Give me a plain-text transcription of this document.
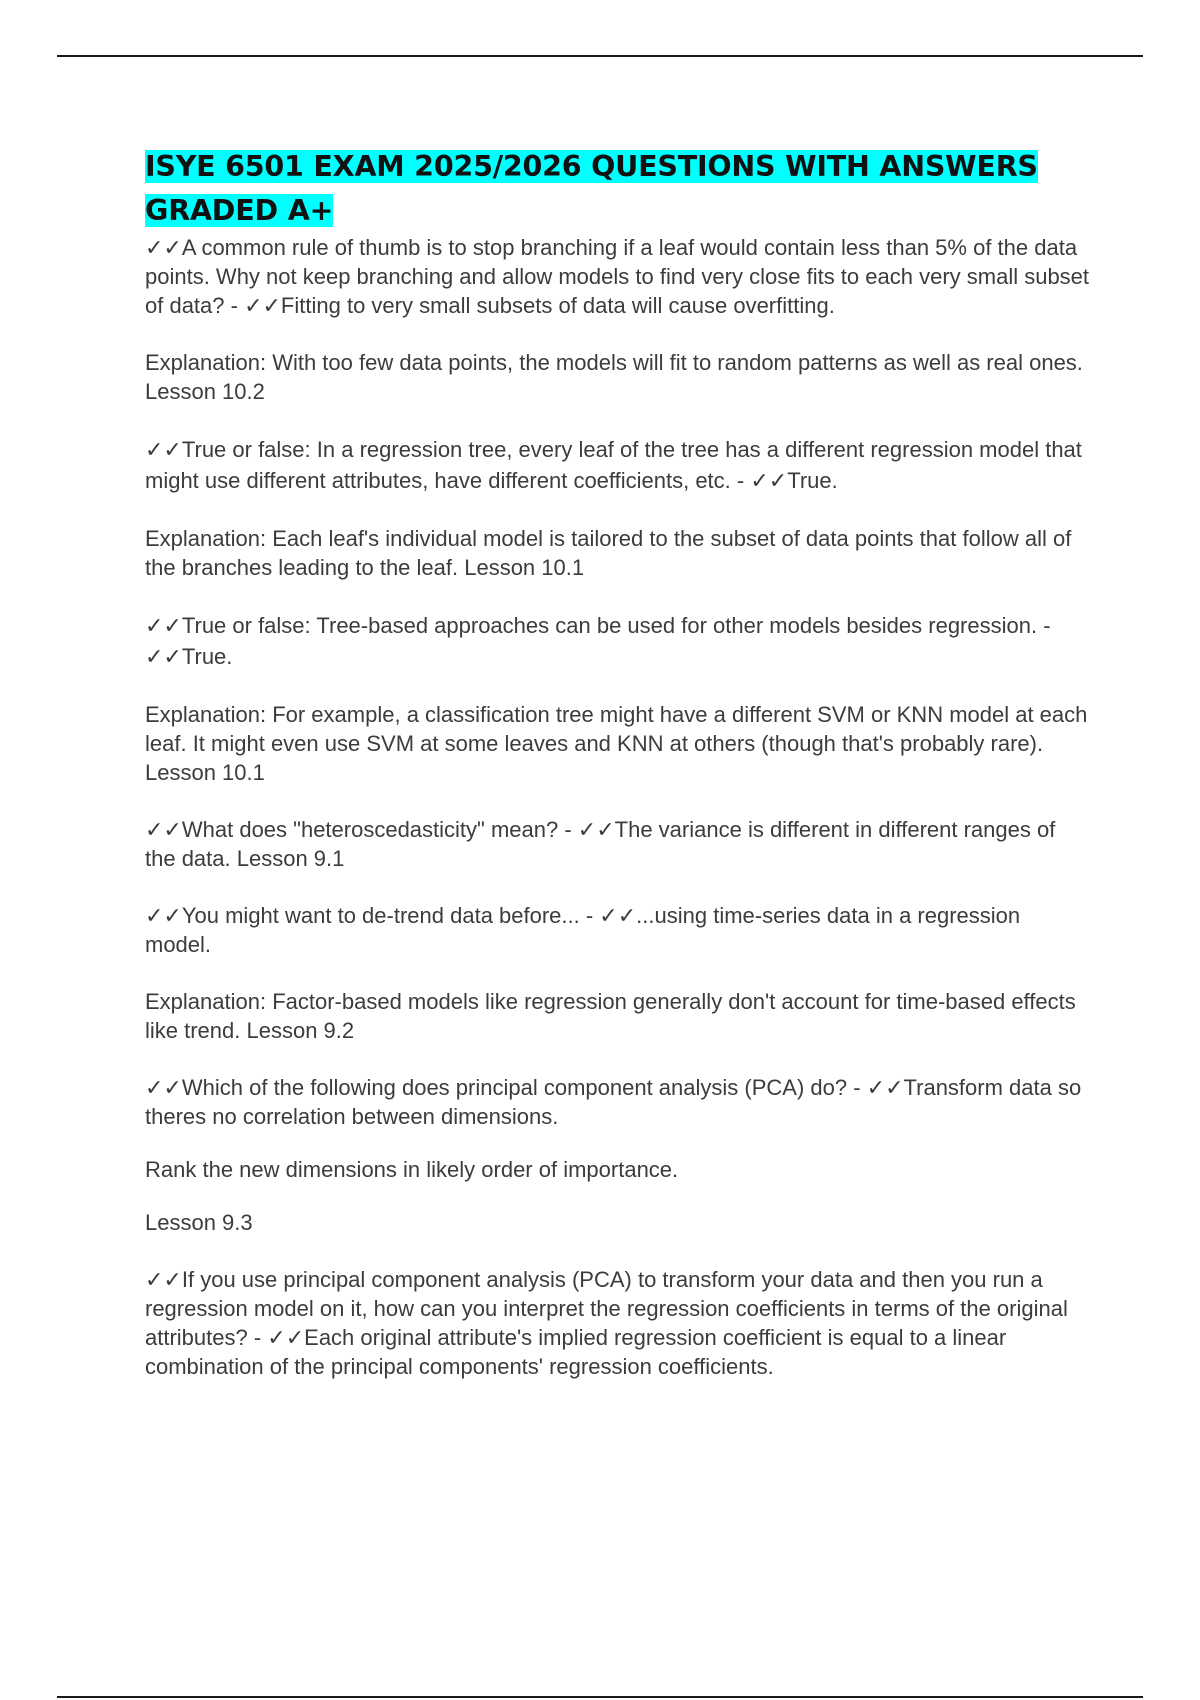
ISYE 6501 EXAM 2025/2026 QUESTIONS WITH ANSWERS GRADED A+

✓✓A common rule of thumb is to stop branching if a leaf would contain less than 5% of the data points. Why not keep branching and allow models to find very close fits to each very small subset of data? - ✓✓Fitting to very small subsets of data will cause overfitting.

Explanation: With too few data points, the models will fit to random patterns as well as real ones. Lesson 10.2

✓✓True or false: In a regression tree, every leaf of the tree has a different regression model that might use different attributes, have different coefficients, etc. - ✓✓True.

Explanation: Each leaf's individual model is tailored to the subset of data points that follow all of the branches leading to the leaf. Lesson 10.1

✓✓True or false: Tree-based approaches can be used for other models besides regression. - ✓✓True.

Explanation: For example, a classification tree might have a different SVM or KNN model at each leaf. It might even use SVM at some leaves and KNN at others (though that's probably rare). Lesson 10.1

✓✓What does "heteroscedasticity" mean? - ✓✓The variance is different in different ranges of the data. Lesson 9.1

✓✓You might want to de-trend data before... - ✓✓...using time-series data in a regression model.

Explanation: Factor-based models like regression generally don't account for time-based effects like trend. Lesson 9.2

✓✓Which of the following does principal component analysis (PCA) do? - ✓✓Transform data so theres no correlation between dimensions.

Rank the new dimensions in likely order of importance.

Lesson 9.3

✓✓If you use principal component analysis (PCA) to transform your data and then you run a regression model on it, how can you interpret the regression coefficients in terms of the original attributes? - ✓✓Each original attribute's implied regression coefficient is equal to a linear combination of the principal components' regression coefficients.
